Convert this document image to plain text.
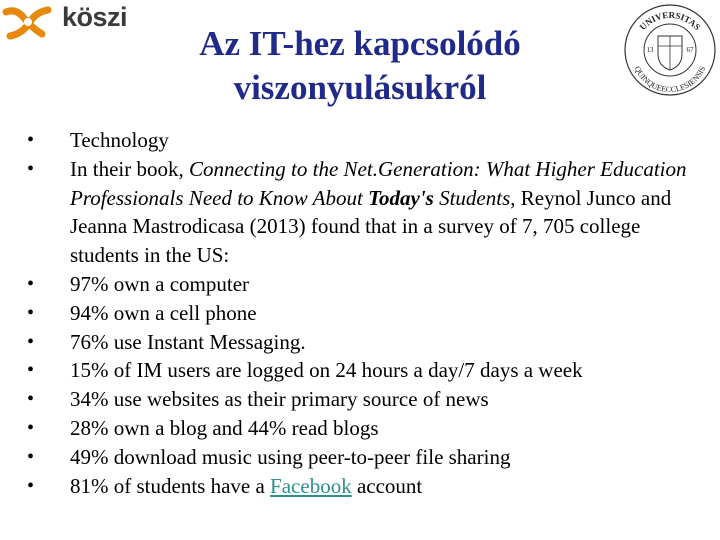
köszi
Az IT-hez kapcsolódó
viszonyulásukról
UNIVERSITAS
QUINQUEECCLESIENSIS
13	67
• Technology
• In their book, Connecting to the Net.Generation: What Higher Education Professionals Need to Know About Today's Students, Reynol Junco and Jeanna Mastrodicasa (2013) found that in a survey of 7, 705 college students in the US:
• 97% own a computer
• 94% own a cell phone
• 76% use Instant Messaging.
• 15% of IM users are logged on 24 hours a day/7 days a week
• 34% use websites as their primary source of news
• 28% own a blog and 44% read blogs
• 49% download music using peer-to-peer file sharing
• 81% of students have a Facebook account
